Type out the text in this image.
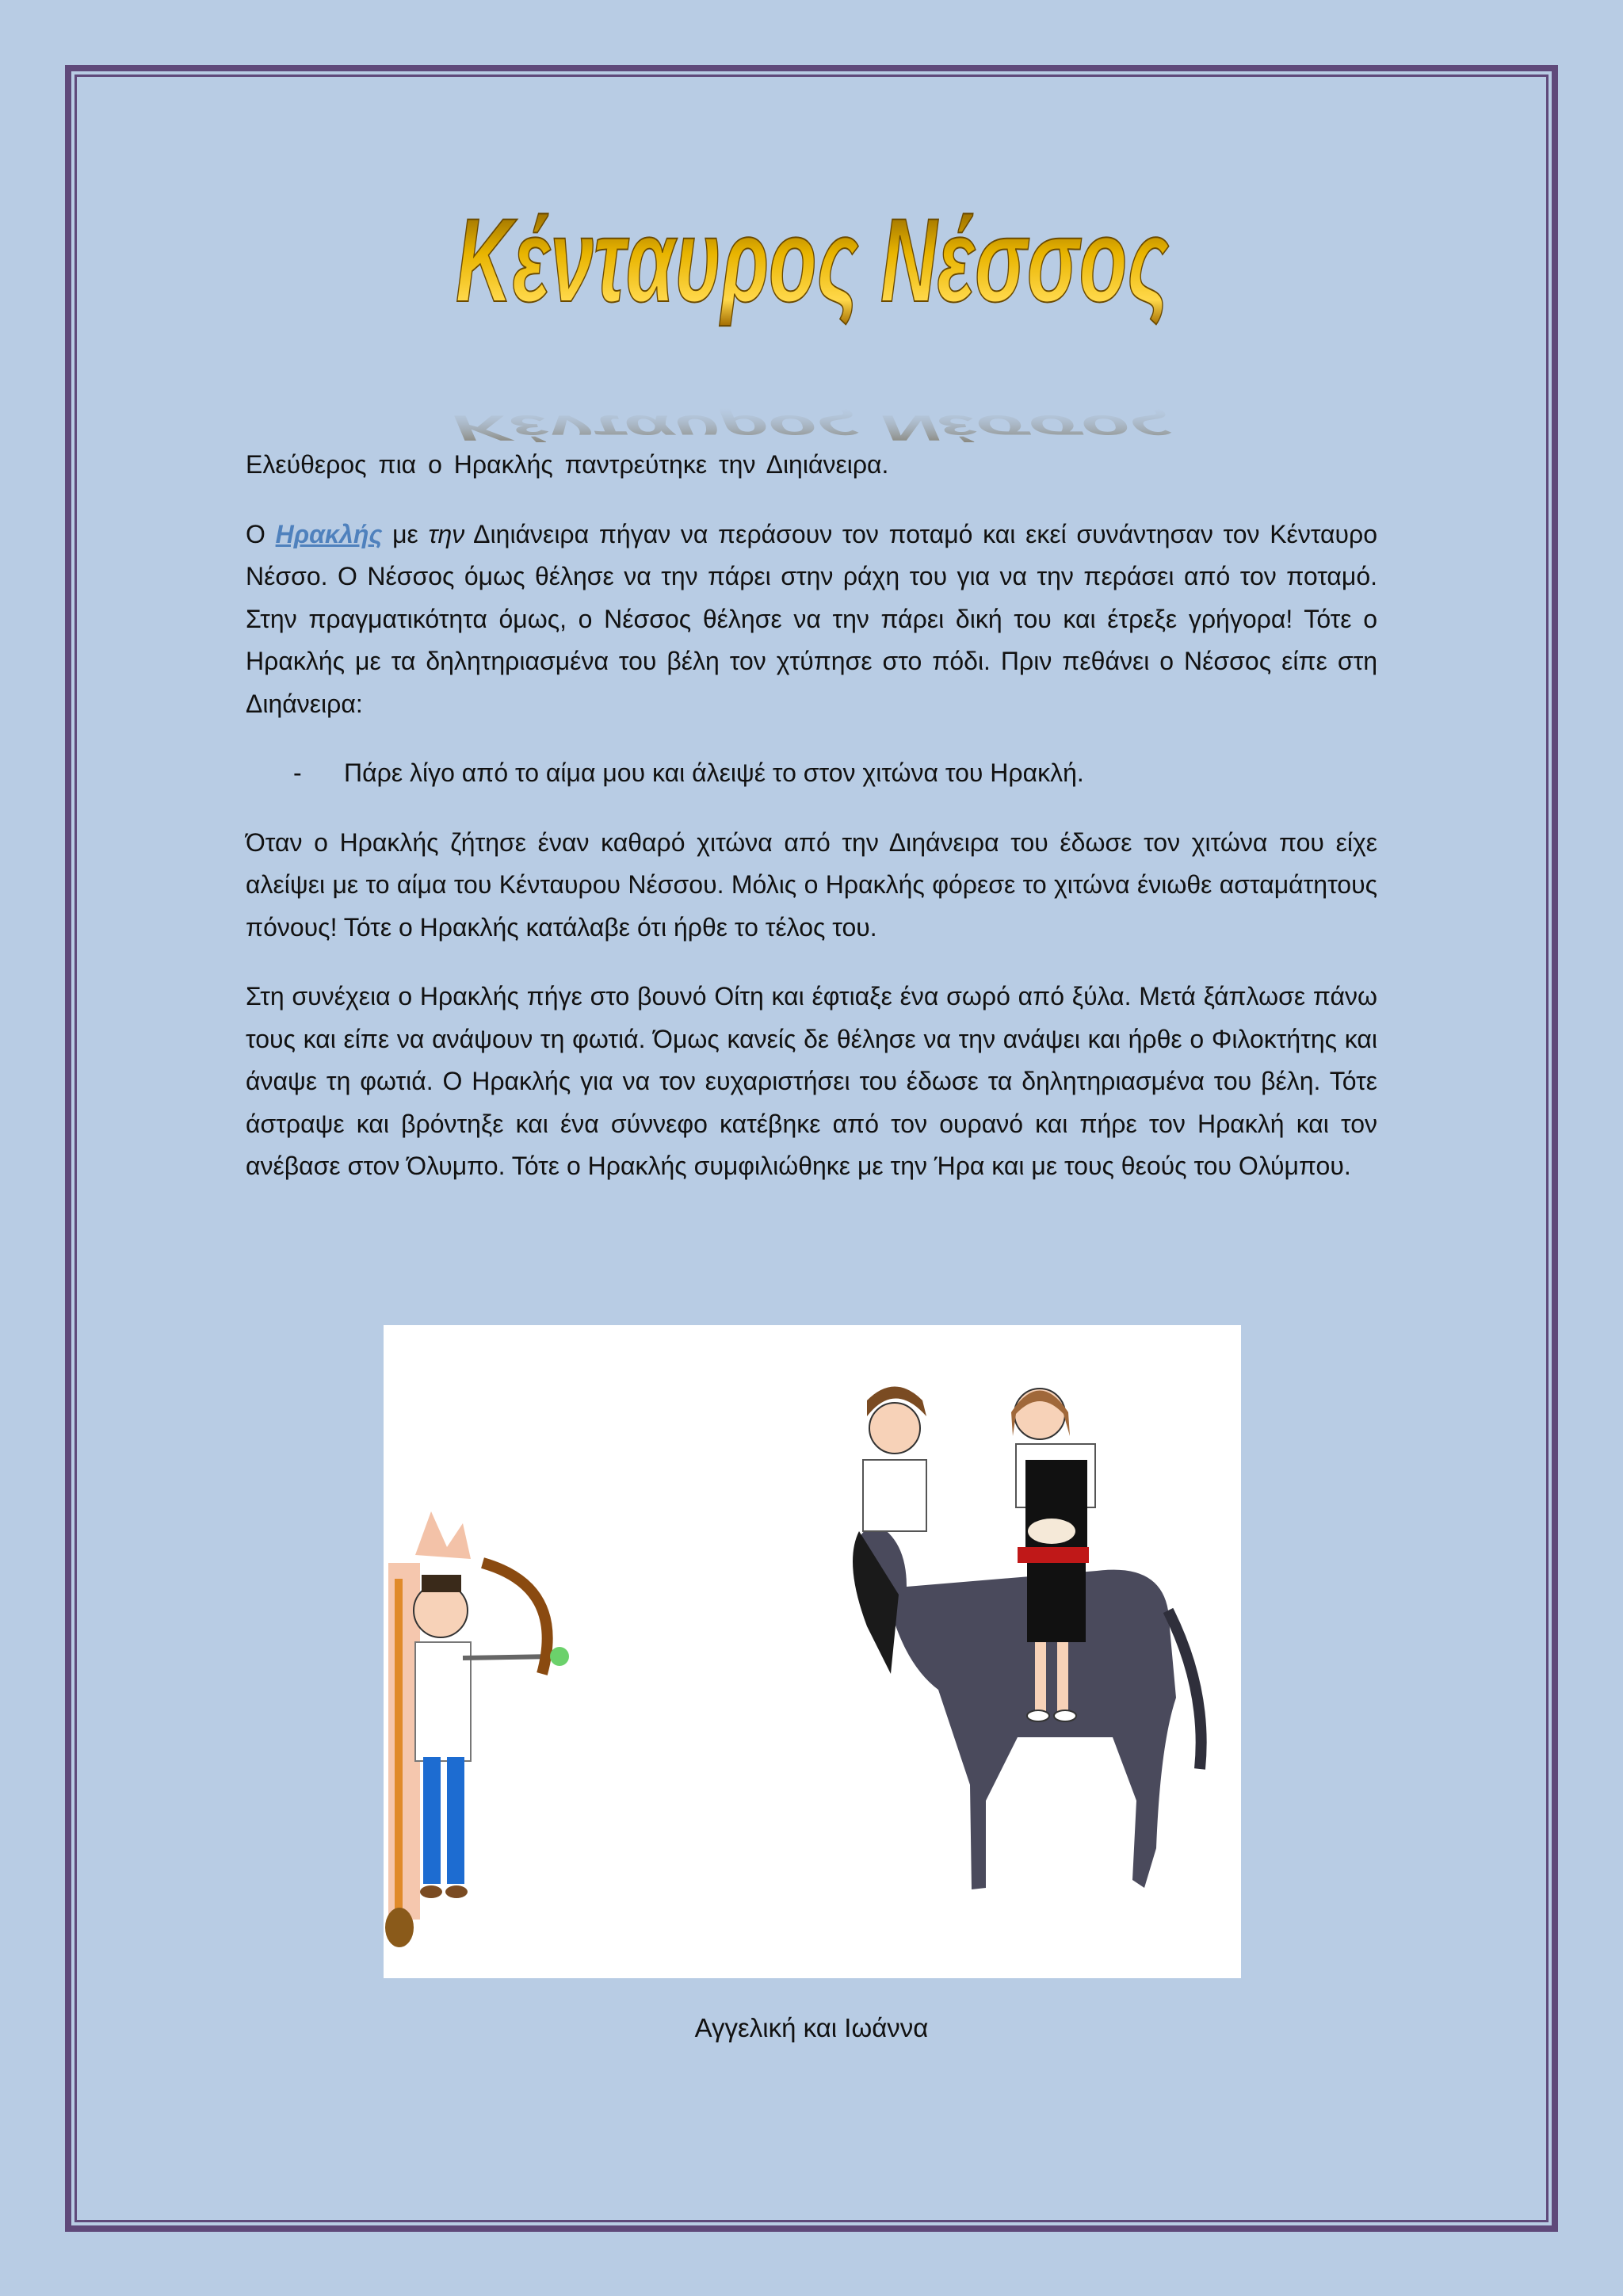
Κένταυρος Νέσσος
Κένταυρος Νέσσος

Ελεύθερος πια ο Ηρακλής παντρεύτηκε την Διηιάνειρα.

Ο Ηρακλής με την Διηιάνειρα πήγαν να περάσουν τον ποταμό και εκεί συνάντησαν τον Κένταυρο Νέσσο. Ο Νέσσος όμως θέλησε να την πάρει στην ράχη του για να την περάσει από τον ποταμό. Στην πραγματικότητα όμως, ο Νέσσος θέλησε να την πάρει δική του και έτρεξε γρήγορα! Τότε ο Ηρακλής με τα δηλητηριασμένα του βέλη τον χτύπησε στο πόδι. Πριν πεθάνει ο Νέσσος είπε στη Διηάνειρα:

-	Πάρε λίγο από το αίμα μου και άλειψέ το στον χιτώνα του Ηρακλή.

Όταν ο Ηρακλής ζήτησε έναν καθαρό χιτώνα από την Διηάνειρα του έδωσε τον χιτώνα που είχε αλείψει με το αίμα του Κένταυρου Νέσσου. Μόλις ο Ηρακλής φόρεσε το χιτώνα ένιωθε ασταμάτητους πόνους! Τότε ο Ηρακλής κατάλαβε ότι ήρθε το τέλος του.

Στη συνέχεια ο Ηρακλής πήγε στο βουνό Οίτη και έφτιαξε ένα σωρό από ξύλα. Μετά ξάπλωσε πάνω τους και είπε να ανάψουν τη φωτιά. Όμως κανείς δε θέλησε να την ανάψει και ήρθε ο Φιλοκτήτης και άναψε τη φωτιά. Ο Ηρακλής για να τον ευχαριστήσει του έδωσε τα δηλητηριασμένα του βέλη. Τότε άστραψε και βρόντηξε και ένα σύννεφο κατέβηκε από τον ουρανό και πήρε τον Ηρακλή και τον ανέβασε στον Όλυμπο. Τότε ο Ηρακλής συμφιλιώθηκε με την Ήρα και με τους θεούς του Ολύμπου.

Αγγελική και Ιωάννα
